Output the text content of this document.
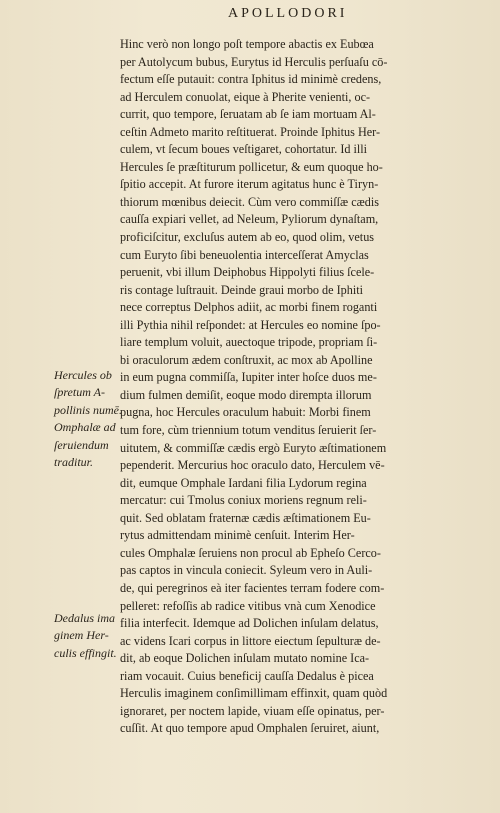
APOLLODORI
Hinc verò non longo poſt tempore abactis ex Eubœa
per Autolycum bubus, Eurytus id Herculis perſuaſu cō-
fectum eſſe putauit: contra Iphitus id minimè credens,
ad Herculem conuolat, eique à Pherite venienti, oc-
currit, quo tempore, ſeruatam ab ſe iam mortuam Al-
ceſtin Admeto marito reſtituerat. Proinde Iphitus Her-
culem, vt ſecum boues veſtigaret, cohortatur. Id illi
Hercules ſe præſtiturum pollicetur, & eum quoque ho-
ſpitio accepit. At furore iterum agitatus hunc è Tiryn-
thiorum mœnibus deiecit. Cùm vero commiſſæ cædis
cauſſa expiari vellet, ad Neleum, Pyliorum dynaſtam,
proficiſcitur, excluſus autem ab eo, quod olim, vetus
cum Euryto ſibi beneuolentia interceſſerat Amyclas
peruenit, vbi illum Deiphobus Hippolyti filius ſcele-
ris contage luſtrauit. Deinde graui morbo de Iphiti
nece correptus Delphos adiit, ac morbi finem roganti
illi Pythia nihil reſpondet: at Hercules eo nomine ſpo-
liare templum voluit, auectoque tripode, propriam ſi-
bi oraculorum ædem conſtruxit, ac mox ab Apolline
in eum pugna commiſſa, Iupiter inter hoſce duos me-
dium fulmen demiſit, eoque modo dirempta illorum
pugna, hoc Hercules oraculum habuit: Morbi finem
tum fore, cùm triennium totum venditus ſeruierit ſer-
uitutem, & commiſſæ cædis ergò Euryto æſtimationem
pependerit. Mercurius hoc oraculo dato, Herculem vē-
dit, eumque Omphale Iardani filia Lydorum regina
mercatur: cui Tmolus coniux moriens regnum reli-
quit. Sed oblatam fraternæ cædis æſtimationem Eu-
rytus admittendam minimè cenſuit. Interim Her-
cules Omphalæ ſeruiens non procul ab Epheſo Cerco-
pas captos in vincula coniecit. Syleum vero in Auli-
de, qui peregrinos eà iter facientes terram fodere com-
pelleret: refoſſis ab radice vitibus vnà cum Xenodice
filia interfecit. Idemque ad Dolichen inſulam delatus,
ac videns Icari corpus in littore eiectum ſepulturæ de-
dit, ab eoque Dolichen inſulam mutato nomine Ica-
riam vocauit. Cuius beneficij cauſſa Dedalus è picea
Herculis imaginem conſimillimam effinxit, quam quòd
ignoraret, per noctem lapide, viuam eſſe opinatus, per-
cuſſit. At quo tempore apud Omphalen ſeruiret, aiunt,
Hercules ob
ſpretum A-
pollinis numē.
Omphalæ ad
ſeruiendum
traditur.
Dedalus ima
ginem Her-
culis effingit.
